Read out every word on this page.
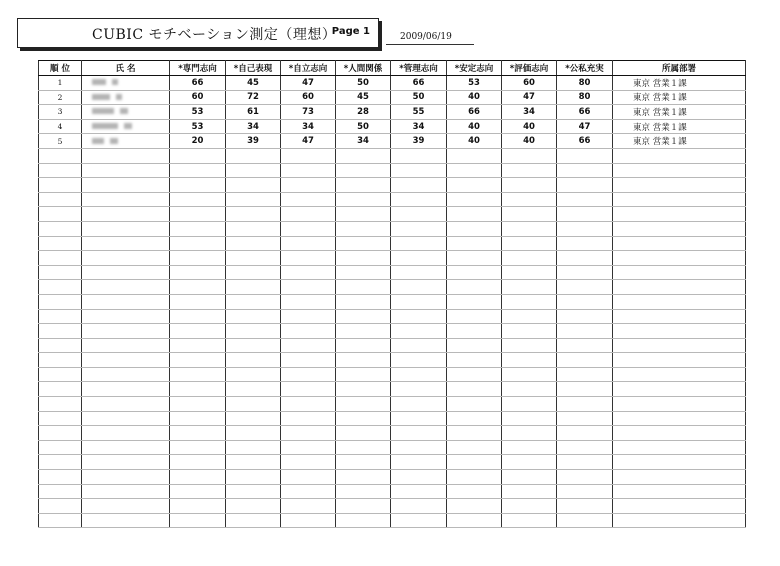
CUBIC モチベーション測定（理想）
Page 1	2009/06/19
順 位	氏 名	*専門志向	*自己表現	*自立志向	*人間関係	*管理志向	*安定志向	*評価志向	*公私充実	所属部署
1		66	45	47	50	66	53	60	80	東京 営業１課
2		60	72	60	45	50	40	47	80	東京 営業１課
3		53	61	73	28	55	66	34	66	東京 営業１課
4		53	34	34	50	34	40	40	47	東京 営業１課
5		20	39	47	34	39	40	40	66	東京 営業１課
